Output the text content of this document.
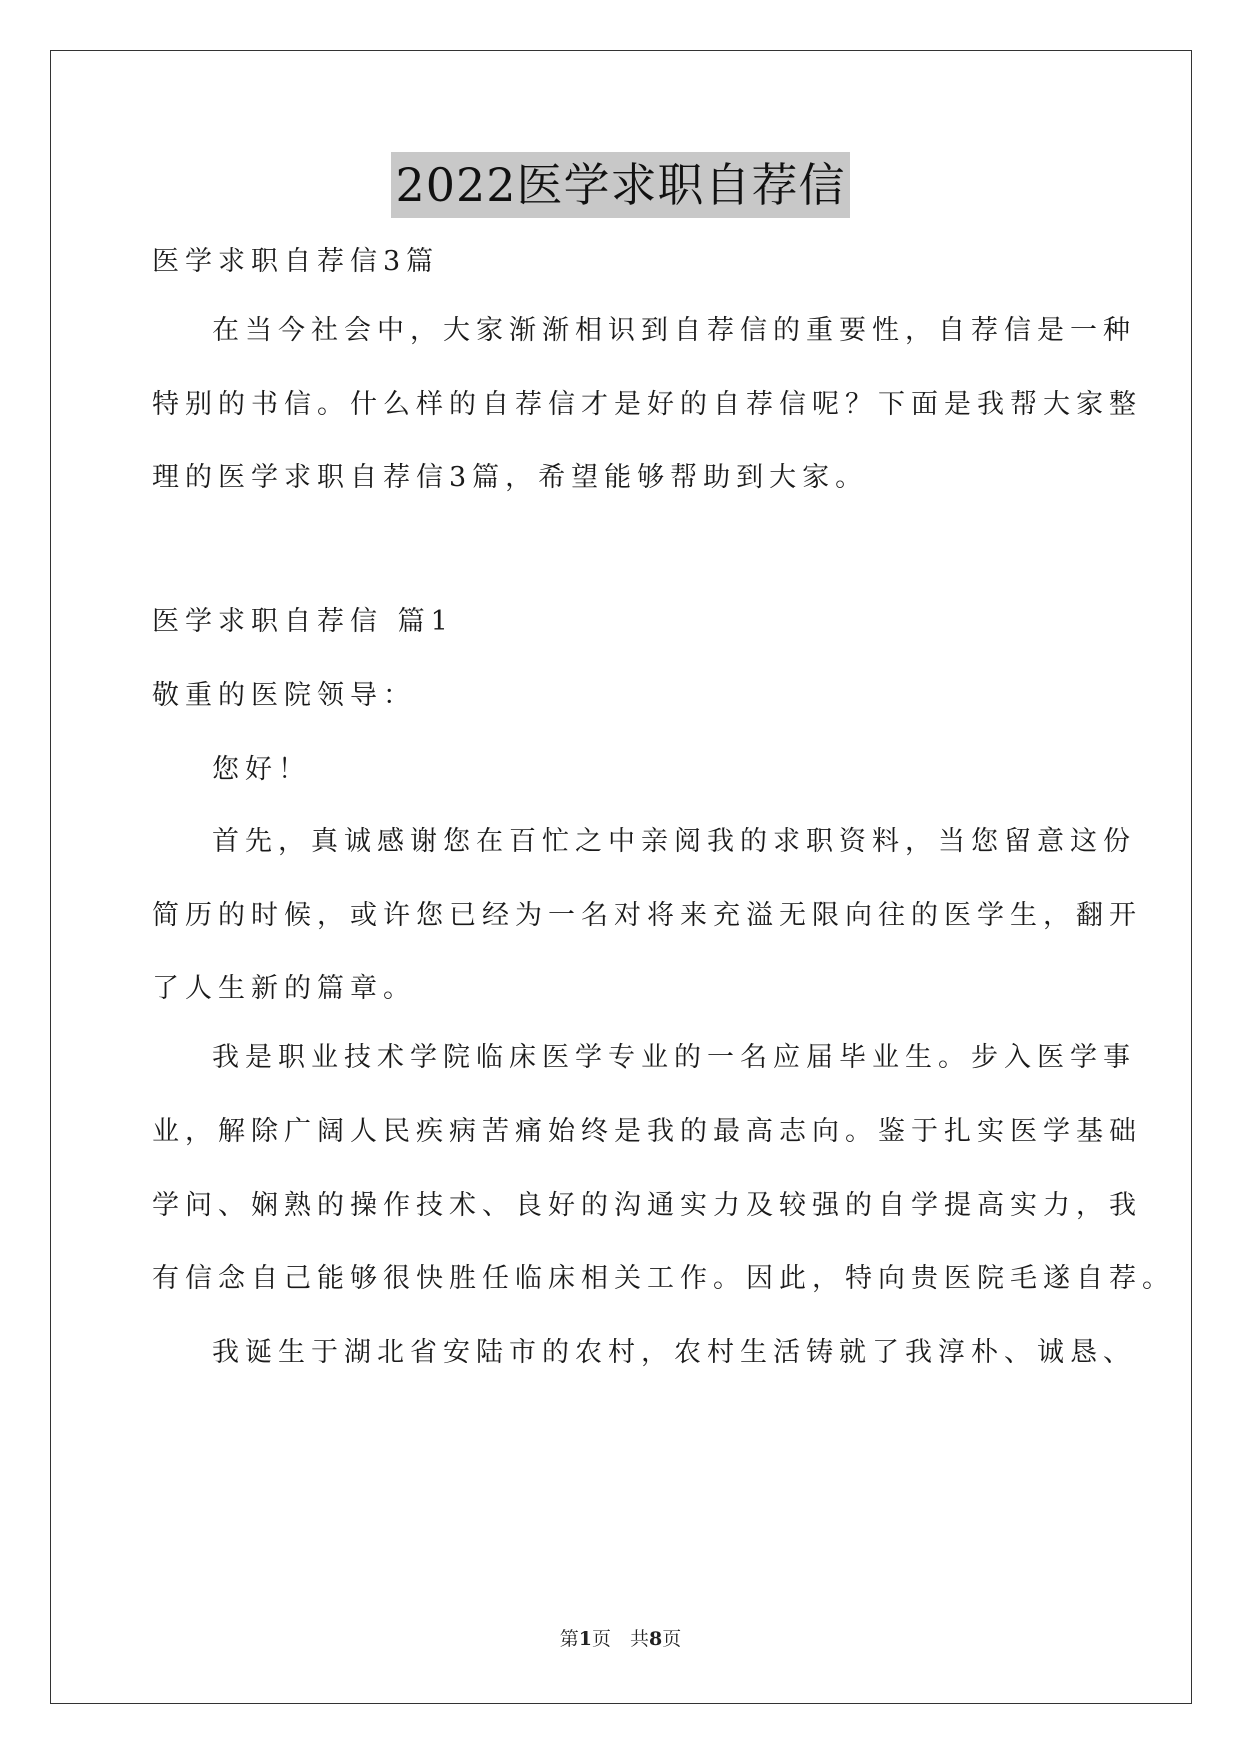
2022医学求职自荐信
医学求职自荐信3篇
在当今社会中，大家渐渐相识到自荐信的重要性，自荐信是一种
特别的书信。什么样的自荐信才是好的自荐信呢？下面是我帮大家整
理的医学求职自荐信3篇，希望能够帮助到大家。
医学求职自荐信 篇1
敬重的医院领导：
您好！
首先，真诚感谢您在百忙之中亲阅我的求职资料，当您留意这份
简历的时候，或许您已经为一名对将来充溢无限向往的医学生，翻开
了人生新的篇章。
我是职业技术学院临床医学专业的一名应届毕业生。步入医学事
业，解除广阔人民疾病苦痛始终是我的最高志向。鉴于扎实医学基础
学问、娴熟的操作技术、良好的沟通实力及较强的自学提高实力，我
有信念自己能够很快胜任临床相关工作。因此，特向贵医院毛遂自荐。
我诞生于湖北省安陆市的农村，农村生活铸就了我淳朴、诚恳、
第1页　共8页
